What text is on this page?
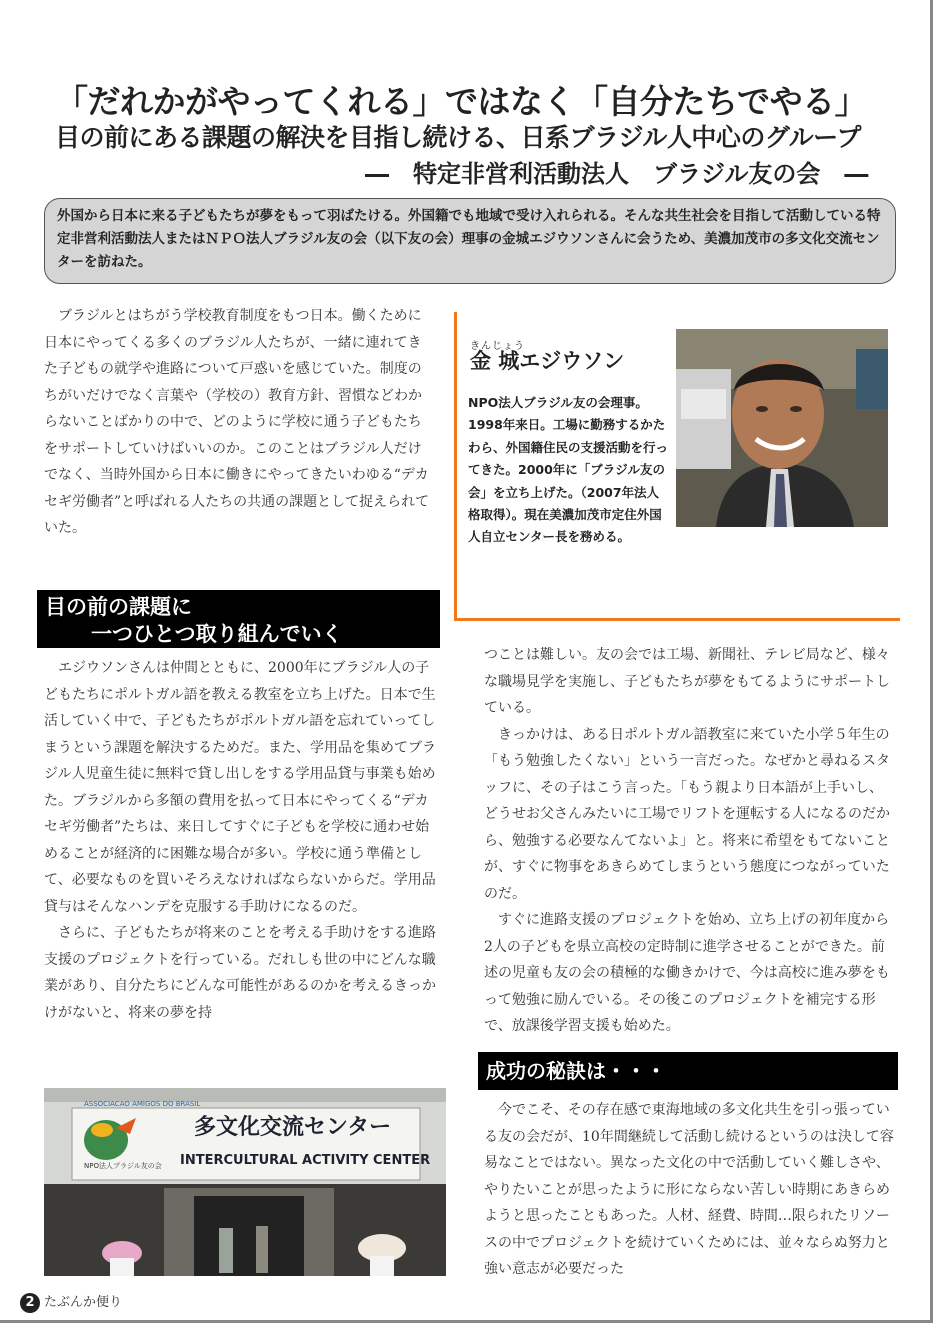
「だれかがやってくれる」ではなく「自分たちでやる」
目の前にある課題の解決を目指し続ける、日系ブラジル人中心のグループ
―　特定非営利活動法人　ブラジル友の会　―
外国から日本に来る子どもたちが夢をもって羽ばたける。外国籍でも地域で受け入れられる。そんな共生社会を目指して活動している特定非営利活動法人またはＮＰＯ法人ブラジル友の会（以下友の会）理事の金城エジウソンさんに会うため、美濃加茂市の多文化交流センターを訪ねた。

ブラジルとはちがう学校教育制度をもつ日本。働くために日本にやってくる多くのブラジル人たちが、一緒に連れてきた子どもの就学や進路について戸惑いを感じていた。制度のちがいだけでなく言葉や（学校の）教育方針、習慣などわからないことばかりの中で、どのように学校に通う子どもたちをサポートしていけばいいのか。このことはブラジル人だけでなく、当時外国から日本に働きにやってきたいわゆる“デカセギ労働者”と呼ばれる人たちの共通の課題として捉えられていた。

きんじょう
金 城エジウソン
NPO法人ブラジル友の会理事。1998年来日。工場に勤務するかたわら、外国籍住民の支援活動を行ってきた。2000年に「ブラジル友の会」を立ち上げた。（2007年法人格取得）。現在美濃加茂市定住外国人自立センター長を務める。
目の前の課題に
一つひとつ取り組んでいく

エジウソンさんは仲間とともに、2000年にブラジル人の子どもたちにポルトガル語を教える教室を立ち上げた。日本で生活していく中で、子どもたちがポルトガル語を忘れていってしまうという課題を解決するためだ。また、学用品を集めてブラジル人児童生徒に無料で貸し出しをする学用品貸与事業も始めた。ブラジルから多額の費用を払って日本にやってくる“デカセギ労働者”たちは、来日してすぐに子どもを学校に通わせ始めることが経済的に困難な場合が多い。学校に通う準備として、必要なものを買いそろえなければならないからだ。学用品貸与はそんなハンデを克服する手助けになるのだ。

さらに、子どもたちが将来のことを考える手助けをする進路支援のプロジェクトを行っている。だれしも世の中にどんな職業があり、自分たちにどんな可能性があるのかを考えるきっかけがないと、将来の夢を持

つことは難しい。友の会では工場、新聞社、テレビ局など、様々な職場見学を実施し、子どもたちが夢をもてるようにサポートしている。

きっかけは、ある日ポルトガル語教室に来ていた小学５年生の「もう勉強したくない」という一言だった。なぜかと尋ねるスタッフに、その子はこう言った。「もう親より日本語が上手いし、どうせお父さんみたいに工場でリフトを運転する人になるのだから、勉強する必要なんてないよ」と。将来に希望をもてないことが、すぐに物事をあきらめてしまうという態度につながっていたのだ。

すぐに進路支援のプロジェクトを始め、立ち上げの初年度から2人の子どもを県立高校の定時制に進学させることができた。前述の児童も友の会の積極的な働きかけで、今は高校に進み夢をもって勉強に励んでいる。その後このプロジェクトを補完する形で、放課後学習支援も始めた。

成功の秘訣は・・・

今でこそ、その存在感で東海地域の多文化共生を引っ張っている友の会だが、10年間継続して活動し続けるというのは決して容易なことではない。異なった文化の中で活動していく難しさや、やりたいことが思ったように形にならない苦しい時期にあきらめようと思ったこともあった。人材、経費、時間…限られたリソースの中でプロジェクトを続けていくためには、並々ならぬ努力と強い意志が必要だった

ASSOCIACAO AMIGOS DO BRASIL
多文化交流センター
INTERCULTURAL ACTIVITY CENTER
NPO法人ブラジル友の会
2 たぶんか便り
